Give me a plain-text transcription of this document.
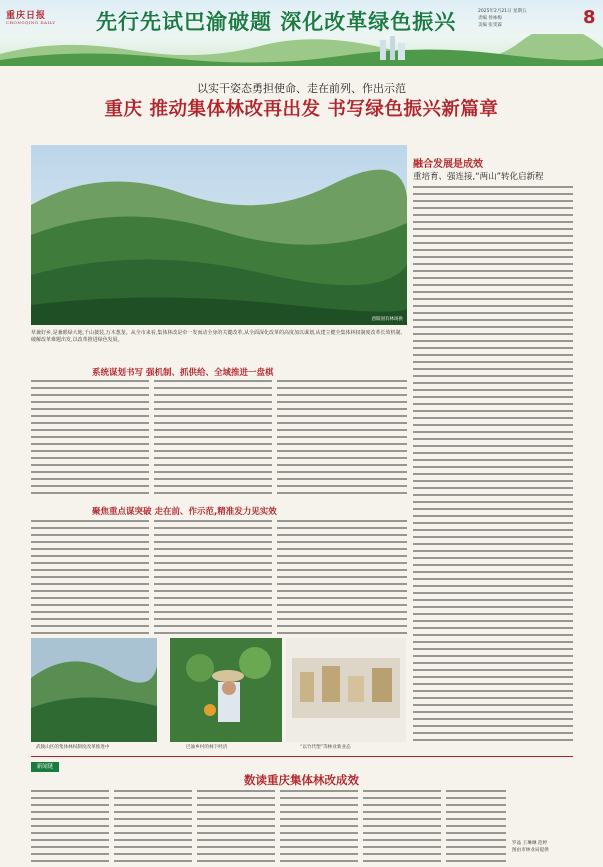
重庆日报
CHONGQING DAILY 先行先试巴渝破题 深化改革绿色振兴	2025年2月21日 星期五
责编 侯咏梅
美编 张雯霖	8
以实干姿态勇担使命、走在前列、作出示范
重庆 推动集体林改再出发 书写绿色振兴新篇章
酉阳国有林场供
草兼好乡,是兼眼绿大地,千山披装,万木葱茏。从全市来看,集体林改是牵一发而动全身的关键改革,从全面深化改革的高度加以谋划,从建立健全集体林权制度改革长效机制、破解改革难题出发,以改革推进绿色发展。
融合发展是成效
重培育、强连接,“两山”转化启新程
系统谋划书写 强机制、抓供给、全域推进一盘棋
聚焦重点谋突破 走在前、作示范,精准发力见实效
武陵山区的集体林权制度改革推进中	巴渝乡村的林下经济	“以竹代塑”等林业新业态
新闻链
数读重庆集体林改成效
罗晶 王琳琳 范婷
图由市林业局提供
